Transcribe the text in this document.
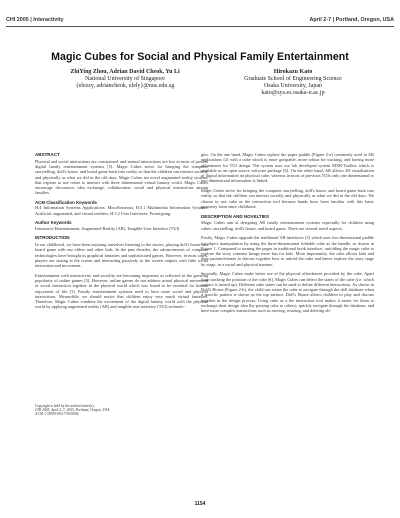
CHI 2005 | Interactivity	April 2-7 | Portland, Oregon, USA
Magic Cubes for Social and Physical Family Entertainment
ZhiYing Zhou, Adrian David Cheok, Yu Li
National University of Singapore
{elezzy, adriancheok, elely}@nus.edu.sg
Hirokazu Kato
Graduate School of Engineering Science
Osaka University, Japan
kato@sys.es.osaka-u.ac.jp
ABSTRACT

Physical and social interactions are constrained, and natural interactions are lost in most of present digital family entertainment systems [5]. Magic Cubes strive for bringing the computer storytelling, doll's house, and board game back into reality so that the children can interact socially and physically as what we did in the old days. Magic Cubes are novel augmented reality systems that explore to use cubes to interact with three dimensional virtual fantasy world. Magic Cubes encourage discussion, idea exchange, collaboration, social and physical interactions among families.

ACM Classification Keywords

H.4 Information Systems Applications: Miscellaneous; H.5.1 Multimedia Information Systems: Artificial, augmented, and virtual realities; H.5.2 User Interfaces: Prototyping.

Author Keywords

Interactive Entertainment, Augmented Reality (AR), Tangible User Interface (TUI)

INTRODUCTION

In our childhood, we have been enjoying ourselves listening to the stories, playing doll's house and board game with our elders and other kids. In the past decades, the advancements of computer technologies have brought us graphical fantasies and sophisticated games. However, in most cases, players are staring at the screen and interacting passively to the screen outputs with little social interaction and movement.

Entertainment with interactivity and sociality are becoming important as reflected in the growing popularity of online games [3]. However, online games do not address actual physical movement or social interaction together in the physical world which was found to be essential for human enjoyment of life [1]. Family entertainment systems need to have more social and physical interactions. Meanwhile, we should notice that children enjoy very much virtual fantasies. Therefore, Magic Cubes combine the excitement of the digital fantasy world with the physical world by applying augmented reality (AR) and tangible user interface (TUI) technolo-

Copyright is held by the author/owner(s).
CHI 2005, April 2–7, 2005, Portland, Oregon, USA.
ACM 1-59593-002-7/05/0004.

gies. On the one hand, Magic Cubes replace the paper paddle (Figure 2-a) commonly used in AR applications [2] with a cube which is more graspable, more robust for tracking, and having more affordances for TUI design. The system uses our lab developed system MXR-Toolkit, which is available as an open source software package [6]. On the other hand, AR allows 3D visualization of digital information on physical cube, whereas in most of previous TUIs only one dimensional or two dimensional information is linked.

Magic Cubes strive for bringing the computer storytelling, doll's house, and board game back into reality so that the children can interact socially and physically as what we did in the old days. We choose to use cube as the interaction tool because hands have been familiar with this basic geometry form since childhood.

DESCRIPTION AND NOVELTIES

Magic Cubes aim at designing AR family entertainment systems especially for children using cubes: storytelling, doll's house, and board game. There are several novel aspects:

Firstly, Magic Cubes upgrade the traditional AR interfaces [2] which uses two-dimensional paddle for object manipulation by using the three-dimensional foldable cube as the handle, as shown in Figure 1. Compared to turning the pages in traditional book interface, unfolding the magic cube to explore the story contents brings more fun for kids. More importantly, the cube allows kids and their parents/friends to discuss together how to unfold the cube and hence explore the story stage by stage, in a social and physical manner.

Secondly, Magic Cubes make better use of the physical affordances provided by the cube. Apart from tracking the position of the cube [6], Magic Cubes can detect the states of the cube (i.e. which surface is turned up). Different cube states can be used to define different interactions. As shown in Doll's House (Figure 2-b), the child can rotate the cube to navigate through the doll database when a specific pattern is shown as the top surface. Doll's House allows children to play and discuss together in the design process. Using cube as a the interaction tool makes it easier for them to exchange their design idea (by passing cube to others), quickly navigate through the database, and have more complex interactions such as moving, resizing, and deleting ob-

1154
